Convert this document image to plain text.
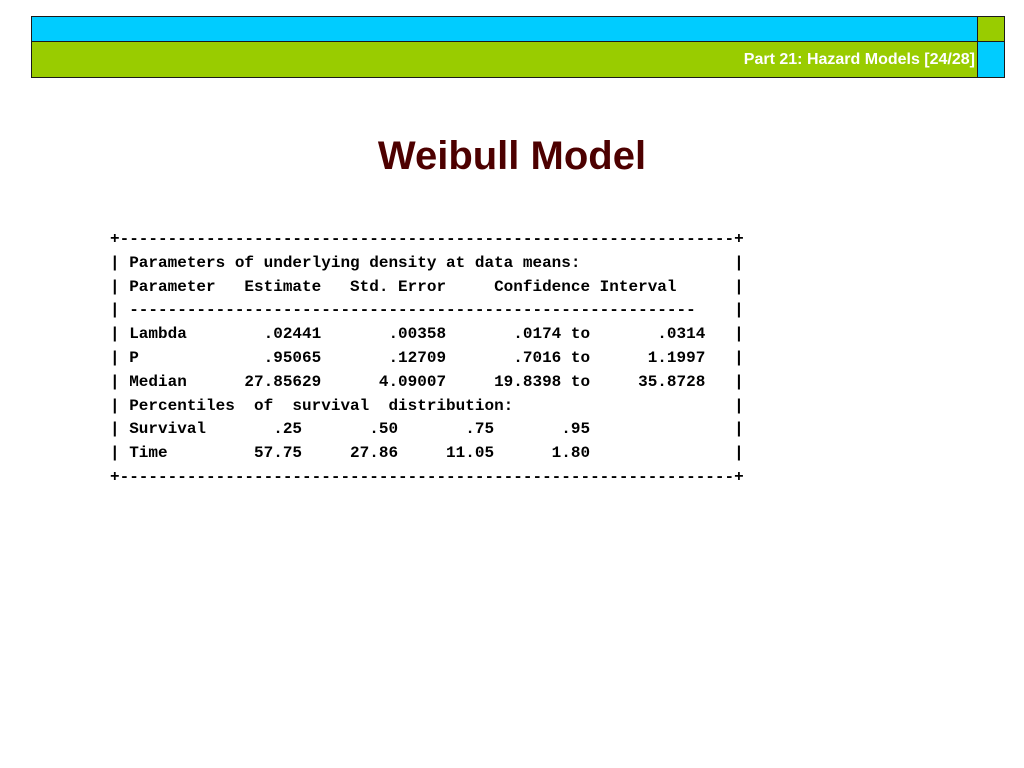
Part 21: Hazard Models [24/28]
Weibull Model
+----------------------------------------------------------------+
| Parameters of underlying density at data means:                |
| Parameter   Estimate   Std. Error     Confidence Interval      |
| -----------------------------------------------------------    |
| Lambda        .02441       .00358       .0174 to       .0314   |
| P             .95065       .12709       .7016 to      1.1997   |
| Median      27.85629      4.09007     19.8398 to     35.8728   |
| Percentiles  of  survival  distribution:                       |
| Survival       .25       .50       .75       .95               |
| Time         57.75     27.86     11.05      1.80               |
+----------------------------------------------------------------+
